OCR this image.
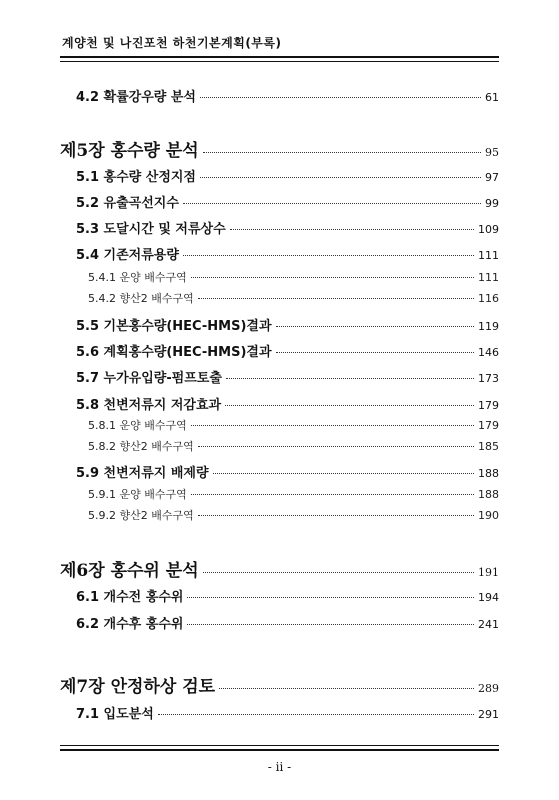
계양천 및 나진포천 하천기본계획(부록)
4.2 확률강우량 분석	61
제5장 홍수량 분석	95
5.1 홍수량 산정지점	97
5.2 유출곡선지수	99
5.3 도달시간 및 저류상수	109
5.4 기존저류용량	111
5.4.1 운양 배수구역	111
5.4.2 향산2 배수구역	116
5.5 기본홍수량(HEC-HMS)결과	119
5.6 계획홍수량(HEC-HMS)결과	146
5.7 누가유입량-펌프토출	173
5.8 천변저류지 저감효과	179
5.8.1 운양 배수구역	179
5.8.2 향산2 배수구역	185
5.9 천변저류지 배제량	188
5.9.1 운양 배수구역	188
5.9.2 향산2 배수구역	190
제6장 홍수위 분석	191
6.1 개수전 홍수위	194
6.2 개수후 홍수위	241
제7장 안정하상 검토	289
7.1 입도분석	291
- ii -
